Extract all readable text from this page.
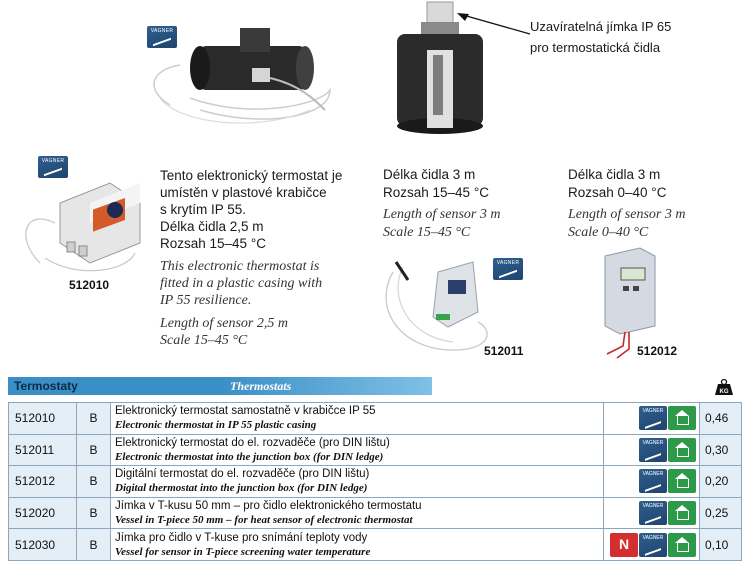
VAGNER	Uzavíratelná jímka IP 65
pro termostatická čidla
VAGNER
512010
Tento elektronický termostat je
umístěn v plastové krabičce
s krytím IP 55.
Délka čidla 2,5 m
Rozsah 15–45 °C
This electronic thermostat is
fitted in a plastic casing with
IP 55 resilience.
Length of sensor 2,5 m
Scale 15–45 °C
Délka čidla 3 m
Rozsah 15–45 °C
Length of sensor 3 m
Scale 15–45 °C
VAGNER
512011
Délka čidla 3 m
Rozsah 0–40 °C
Length of sensor 3 m
Scale 0–40 °C
512012
Termostaty	Thermostats	KG
512010	B	Elektronický termostat samostatně v krabičce IP 55
Electronic thermostat in IP 55 plastic casing
	VAGNER	0,46
512011	B	Elektronický termostat do el. rozvaděče (pro DIN lištu)
Electronic thermostat into the junction box (for DIN ledge)
	VAGNER	0,30
512012	B	Digitální termostat do el. rozvaděče (pro DIN lištu)
Digital thermostat into the junction box (for DIN ledge)
	VAGNER	0,20
512020	B	Jímka v T-kusu 50 mm – pro čidlo elektronického termostatu
Vessel in T-piece 50 mm – for heat sensor of electronic thermostat
	VAGNER	0,25
512030	B	Jímka pro čidlo v T-kuse pro snímání teploty vody
Vessel for sensor in T-piece screening water temperature	NVAGNER	0,10
